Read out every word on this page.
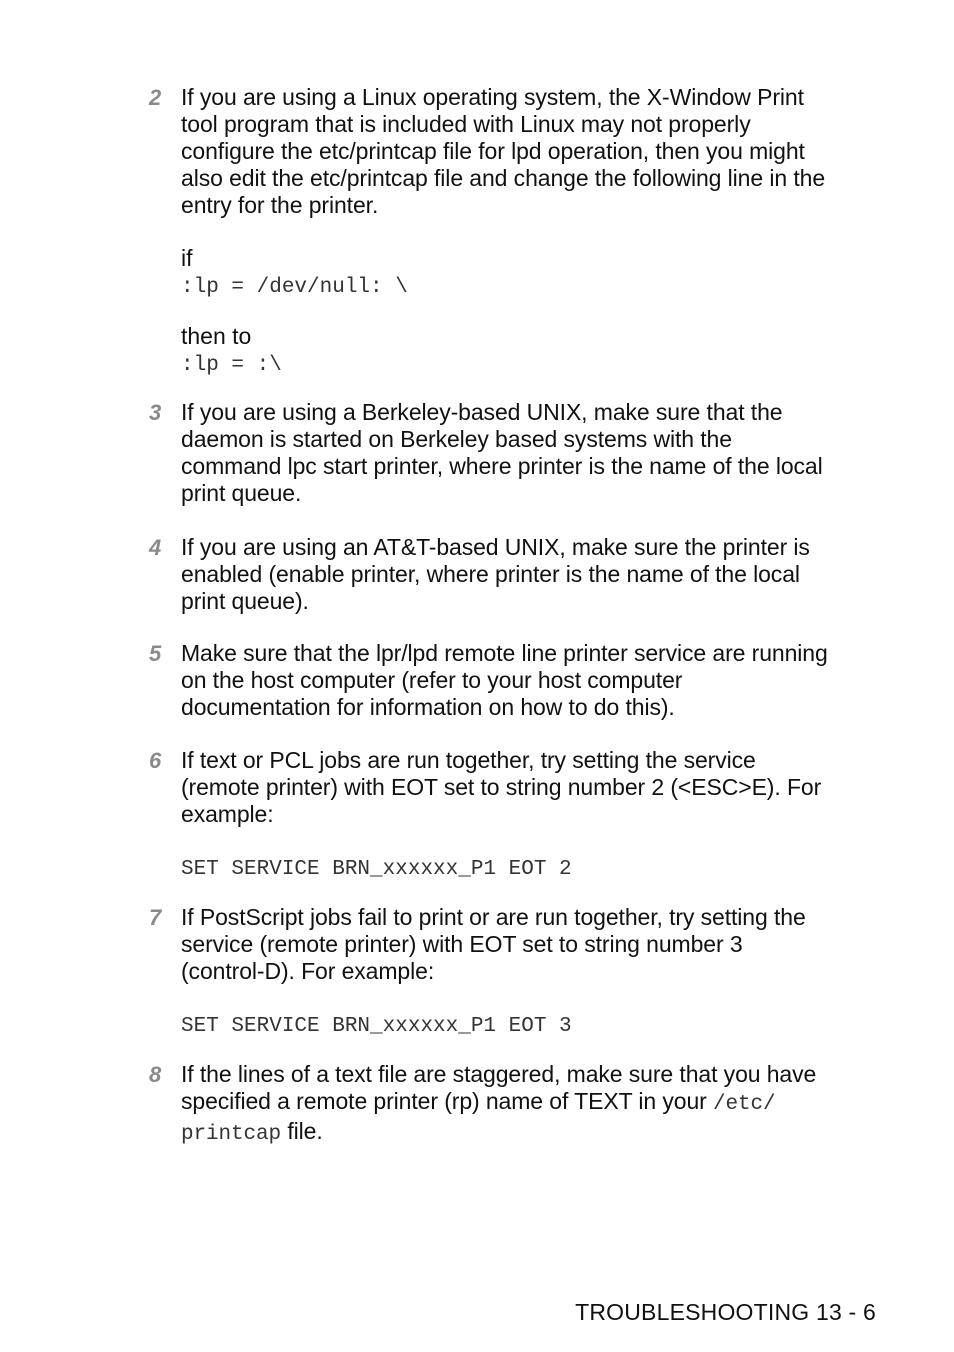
2 If you are using a Linux operating system, the X-Window Print
tool program that is included with Linux may not properly
configure the etc/printcap file for lpd operation, then you might
also edit the etc/printcap file and change the following line in the
entry for the printer.
if
:lp = /dev/null: \
then to
:lp = :\
3 If you are using a Berkeley-based UNIX, make sure that the
daemon is started on Berkeley based systems with the
command lpc start printer, where printer is the name of the local
print queue.
4 If you are using an AT&T-based UNIX, make sure the printer is
enabled (enable printer, where printer is the name of the local
print queue).
5 Make sure that the lpr/lpd remote line printer service are running
on the host computer (refer to your host computer
documentation for information on how to do this).
6 If text or PCL jobs are run together, try setting the service
(remote printer) with EOT set to string number 2 (<ESC>E). For
example:
SET SERVICE BRN_xxxxxx_P1 EOT 2
7 If PostScript jobs fail to print or are run together, try setting the
service (remote printer) with EOT set to string number 3
(control-D). For example:
SET SERVICE BRN_xxxxxx_P1 EOT 3
8 If the lines of a text file are staggered, make sure that you have
specified a remote printer (rp) name of TEXT in your /etc/
printcap file.
TROUBLESHOOTING 13 - 6
